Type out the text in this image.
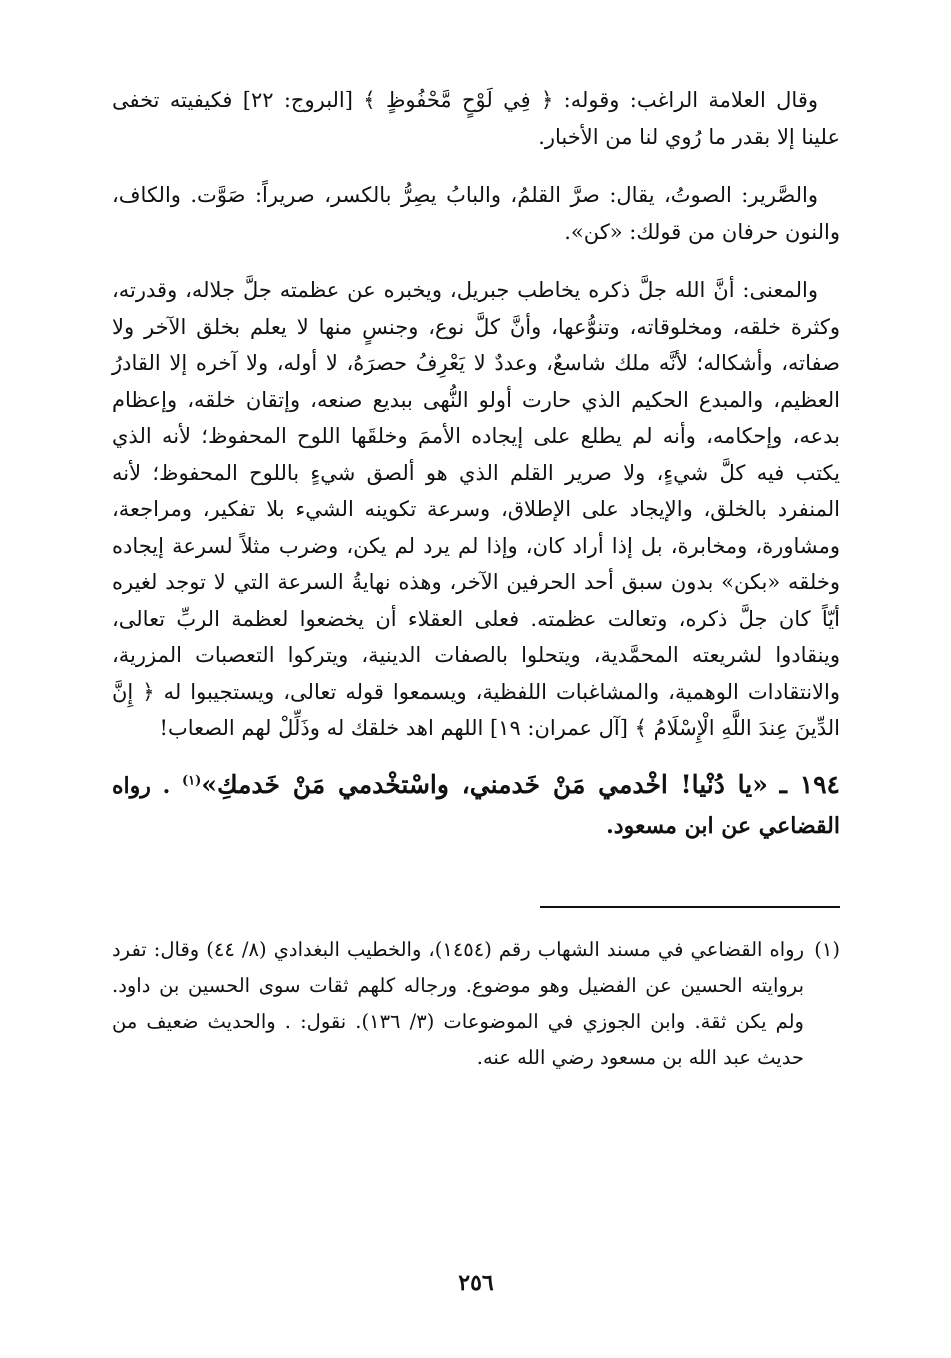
وقال العلامة الراغب: وقوله: ﴿ فِي لَوْحٍ مَّحْفُوظٍ ﴾ [البروج: ٢٢] فكيفيته تخفى علينا إلا بقدر ما رُوي لنا من الأخبار.

والصَّرير: الصوتُ، يقال: صرَّ القلمُ، والبابُ يصِرُّ بالكسر، صريراً: صَوَّت. والكاف، والنون حرفان من قولك: «كن».

والمعنى: أنَّ الله جلَّ ذكره يخاطب جبريل، ويخبره عن عظمته جلَّ جلاله، وقدرته، وكثرة خلقه، ومخلوقاته، وتنوُّعها، وأنَّ كلَّ نوع، وجنسٍ منها لا يعلم بخلق الآخر ولا صفاته، وأشكاله؛ لأنَّه ملك شاسعٌ، وعددٌ لا يَعْرِفُ حصرَهُ، لا أوله، ولا آخره إلا القادرُ العظيم، والمبدع الحكيم الذي حارت أولو النُّهى ببديع صنعه، وإتقان خلقه، وإعظام بدعه، وإحكامه، وأنه لم يطلع على إيجاده الأممَ وخلقَها اللوح المحفوظ؛ لأنه الذي يكتب فيه كلَّ شيءٍ، ولا صرير القلم الذي هو ألصق شيءٍ باللوح المحفوظ؛ لأنه المنفرد بالخلق، والإيجاد على الإطلاق، وسرعة تكوينه الشيء بلا تفكير، ومراجعة، ومشاورة، ومخابرة، بل إذا أراد كان، وإذا لم يرد لم يكن، وضرب مثلاً لسرعة إيجاده وخلقه «بكن» بدون سبق أحد الحرفين الآخر، وهذه نهايةُ السرعة التي لا توجد لغيره أيّاً كان جلَّ ذكره، وتعالت عظمته. فعلى العقلاء أن يخضعوا لعظمة الربِّ تعالى، وينقادوا لشريعته المحمَّدية، ويتحلوا بالصفات الدينية، ويتركوا التعصبات المزرية، والانتقادات الوهمية، والمشاغبات اللفظية، ويسمعوا قوله تعالى، ويستجيبوا له ﴿ إِنَّ الدِّينَ عِندَ اللَّهِ الْإِسْلَامُ ﴾ [آل عمران: ١٩] اللهم اهد خلقك له وذَلِّلْ لهم الصعاب!

١٩٤ ـ «يا دُنْيا! اخْدمي مَنْ خَدمني، واسْتخْدمي مَنْ خَدمكِ»$^{(١)}$ . رواه القضاعي عن ابن مسعود.

(١)

رواه القضاعي في مسند الشهاب رقم (١٤٥٤)، والخطيب البغدادي (٨/ ٤٤) وقال: تفرد بروايته الحسين عن الفضيل وهو موضوع. ورجاله كلهم ثقات سوى الحسين بن داود. ولم يكن ثقة. وابن الجوزي في الموضوعات (٣/ ١٣٦). نقول: . والحديث ضعيف من حديث عبد الله بن مسعود رضي الله عنه.

٢٥٦
